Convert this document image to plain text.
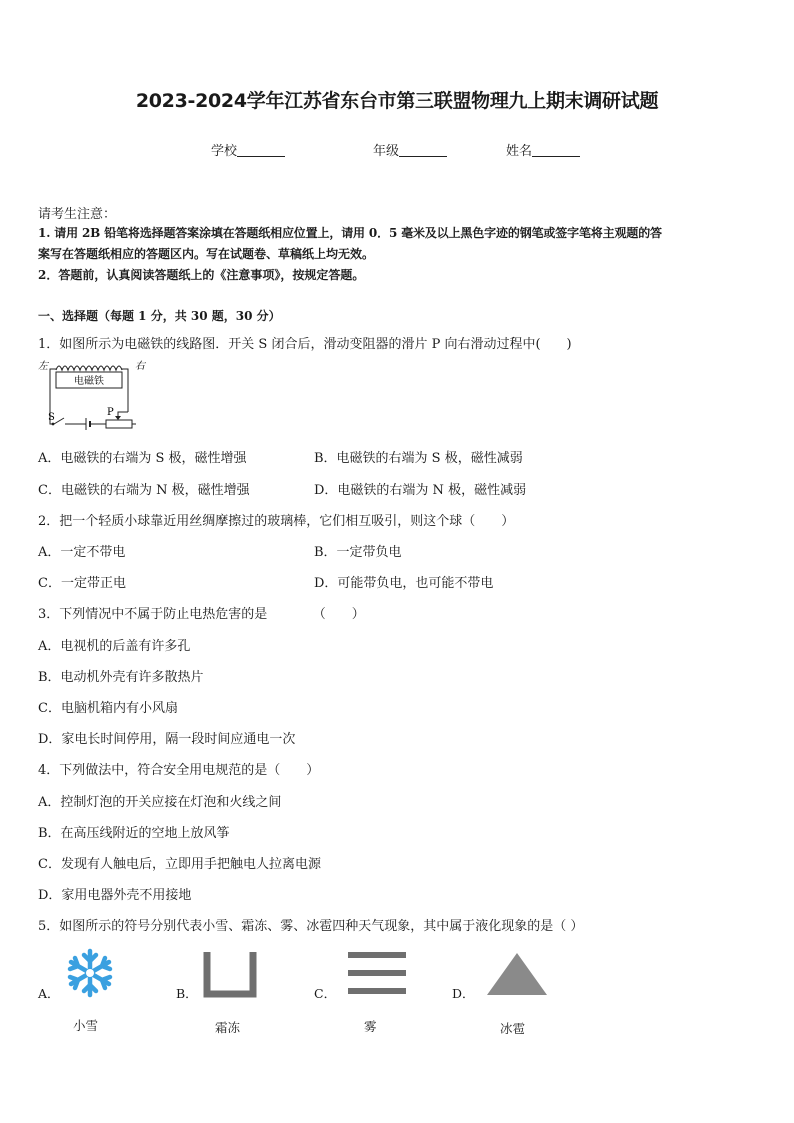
2023-2024学年江苏省东台市第三联盟物理九上期末调研试题
学校	年级	姓名
请考生注意：
1. 请用 2B 铅笔将选择题答案涂填在答题纸相应位置上，请用 0．5 毫米及以上黑色字迹的钢笔或签字笔将主观题的答
案写在答题纸相应的答题区内。写在试题卷、草稿纸上均无效。
2．答题前，认真阅读答题纸上的《注意事项》，按规定答题。
一、选择题（每题 1 分，共 30 题，30 分）
1．如图所示为电磁铁的线路图．开关 S 闭合后，滑动变阻器的滑片 P 向右滑动过程中(　　)
电磁铁
左	右
S	P
A．电磁铁的右端为 S 极，磁性增强	B．电磁铁的右端为 S 极，磁性减弱
C．电磁铁的右端为 N 极，磁性增强	D．电磁铁的右端为 N 极，磁性减弱
2．把一个轻质小球靠近用丝绸摩擦过的玻璃棒，它们相互吸引，则这个球（　　）
A．一定不带电	B．一定带负电
C．一定带正电	D．可能带负电，也可能不带电
3．下列情况中不属于防止电热危害的是　　　　（　　）
A．电视机的后盖有许多孔
B．电动机外壳有许多散热片
C．电脑机箱内有小风扇
D．家电长时间停用，隔一段时间应通电一次
4．下列做法中，符合安全用电规范的是（　　）
A．控制灯泡的开关应接在灯泡和火线之间
B．在高压线附近的空地上放风筝
C．发现有人触电后，立即用手把触电人拉离电源
D．家用电器外壳不用接地
5．如图所示的符号分别代表小雪、霜冻、雾、冰雹四种天气现象，其中属于液化现象的是（ ）
A．
小雪
B．
霜冻
C．
雾
D．
冰雹
